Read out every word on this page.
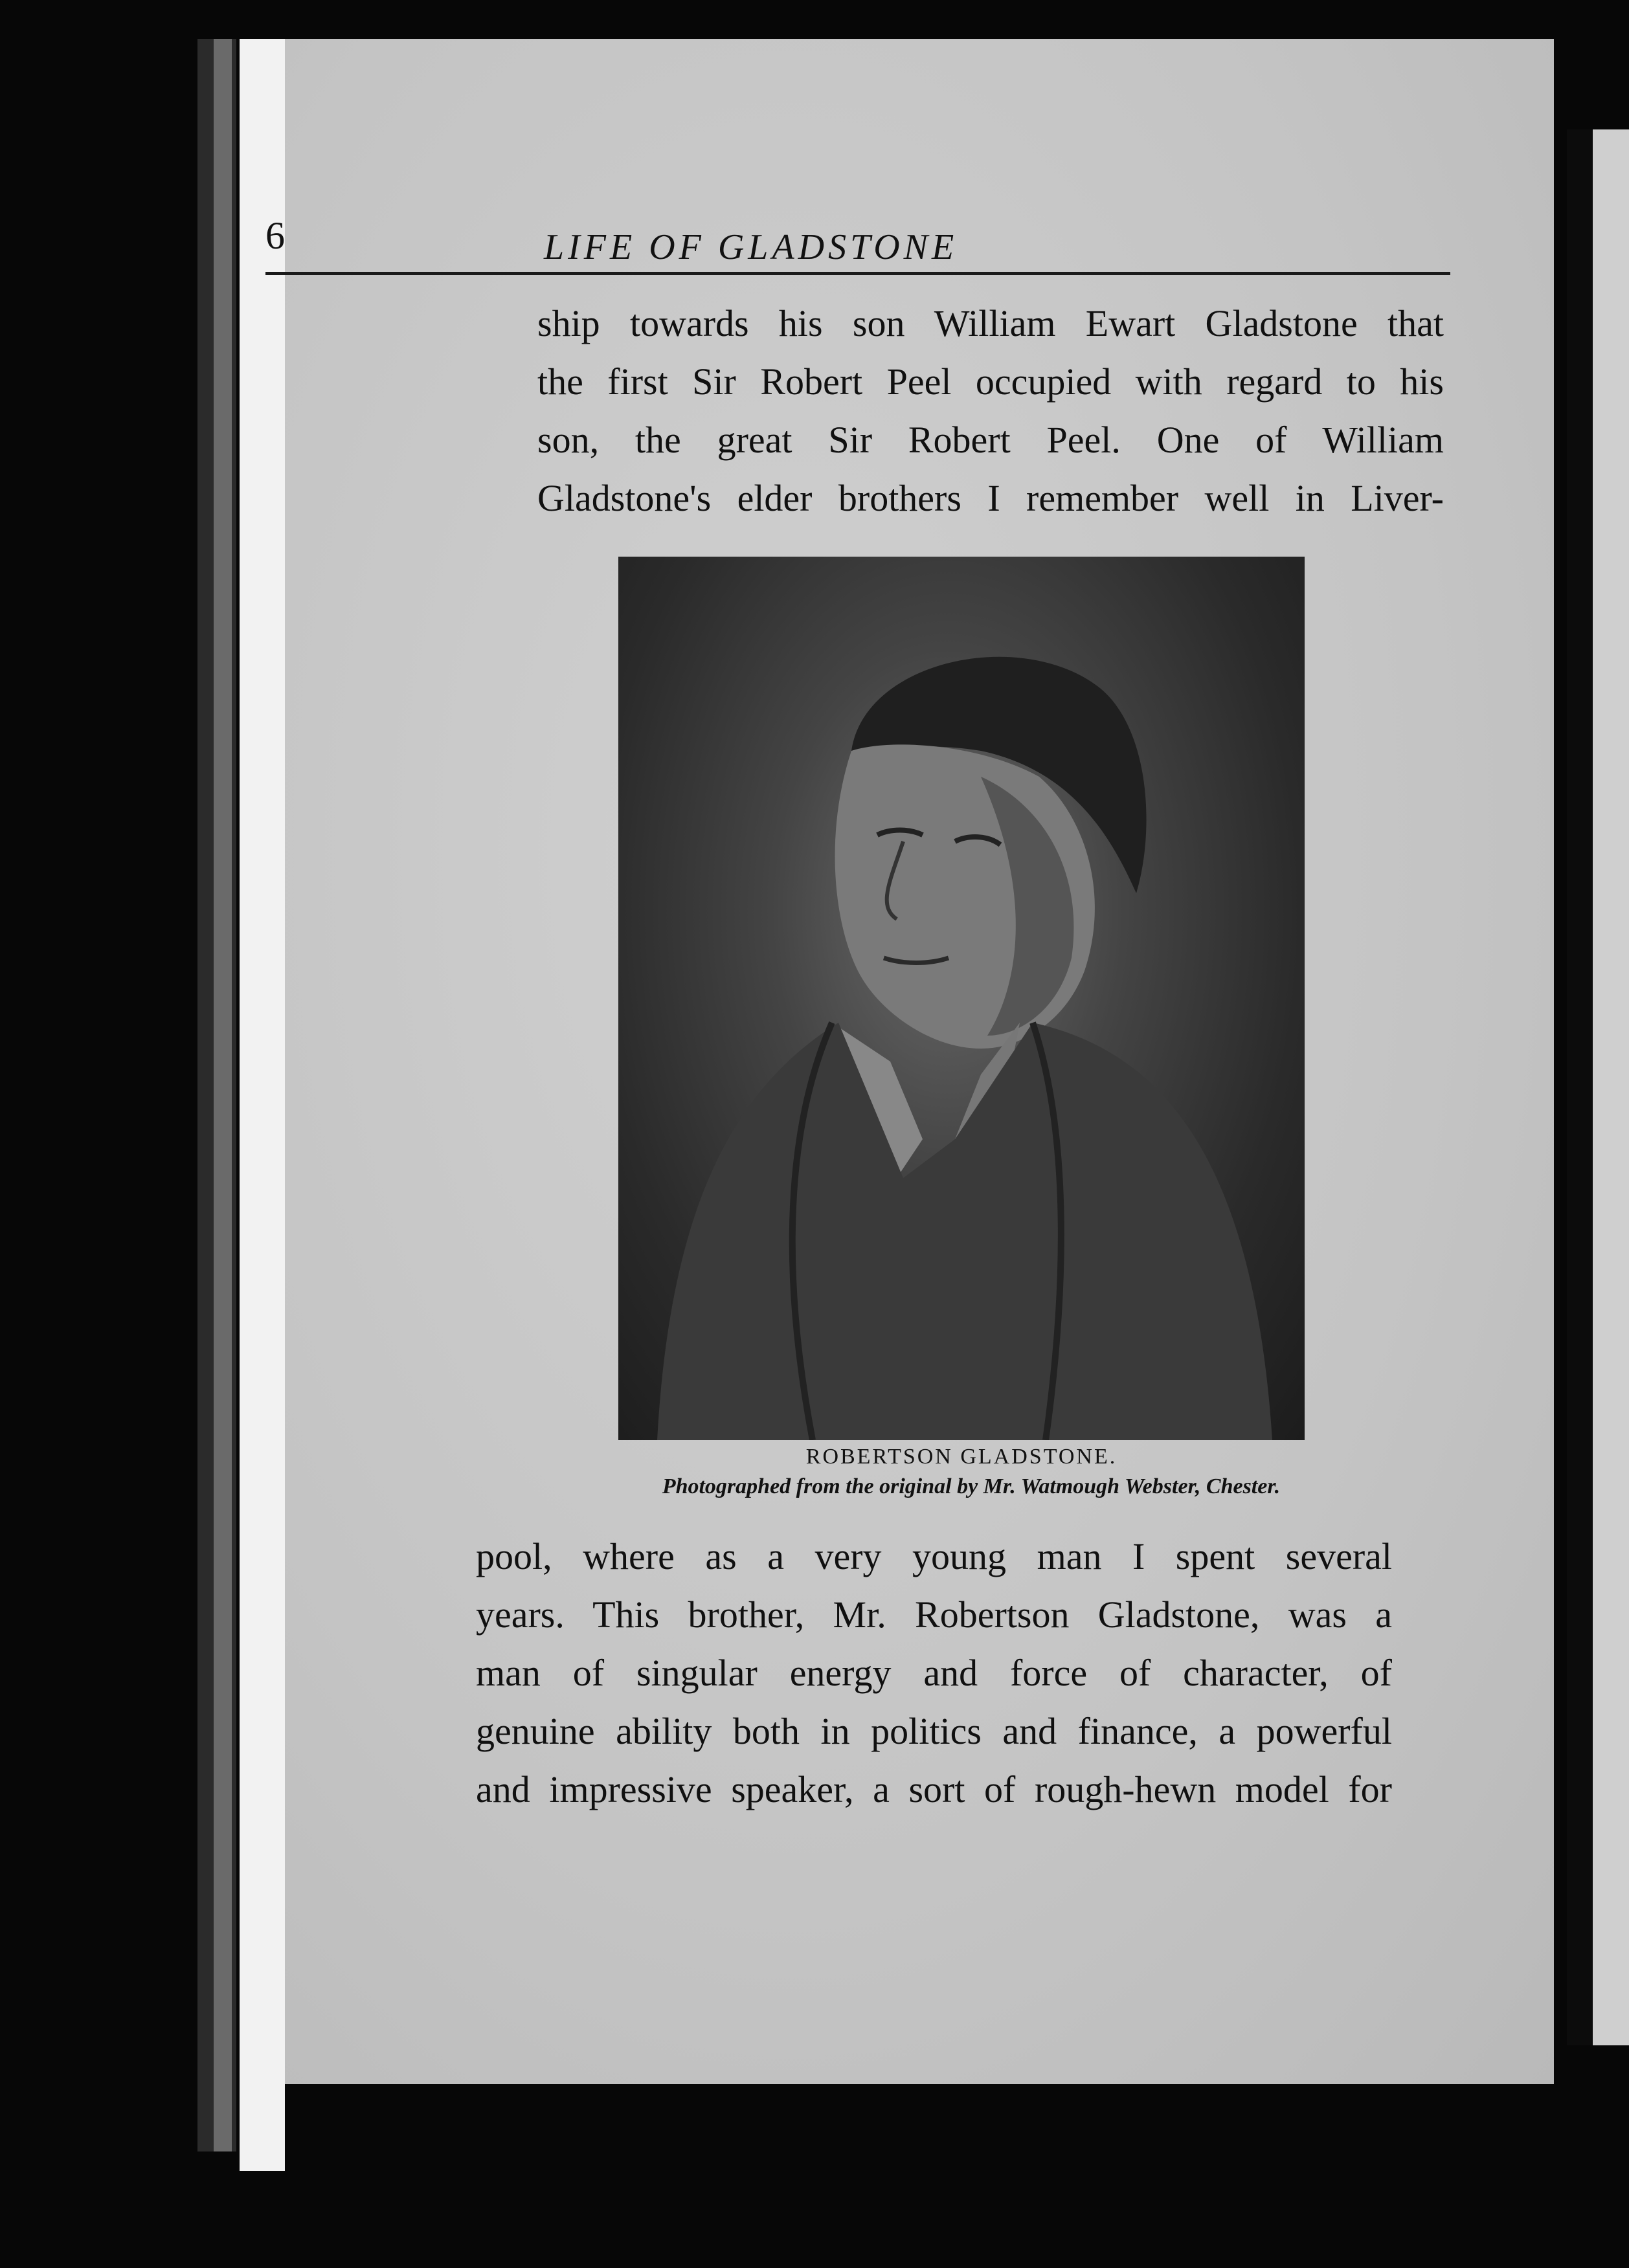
6	LIFE OF GLADSTONE
ship towards his son William Ewart Gladstone that
the first Sir Robert Peel occupied with regard to his
son, the great Sir Robert Peel. One of William
Gladstone's elder brothers I remember well in Liver-
ROBERTSON GLADSTONE.
Photographed from the original by Mr. Watmough Webster, Chester.
pool, where as a very young man I spent several
years. This brother, Mr. Robertson Gladstone, was a
man of singular energy and force of character, of
genuine ability both in politics and finance, a powerful
and impressive speaker, a sort of rough-hewn model for
